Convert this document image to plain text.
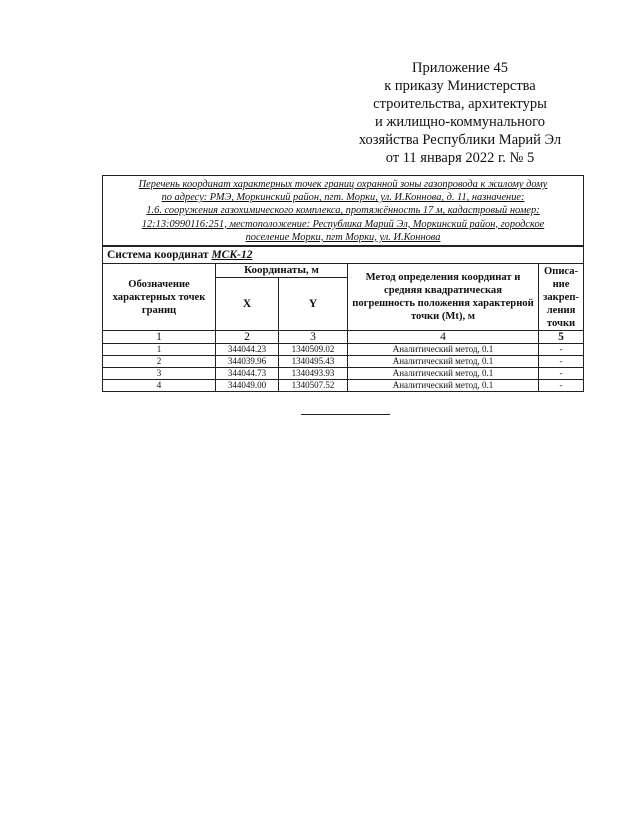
Приложение 45
к приказу Министерства
строительства, архитектуры
и жилищно-коммунального
хозяйства Республики Марий Эл
от 11 января 2022 г. № 5
Перечень координат характерных точек границ охранной зоны газопровода к жилому дому
по адресу: РМЭ, Моркинский район, пгт. Морки, ул. И.Коннова, д. 11, назначение:
1.6. сооружения газохимического комплекса, протяжённость 17 м, кадастровый номер:
12:13:0990116:251, местоположение: Республика Марий Эл, Моркинский район, городское
поселение Морки, пгт Морки, ул. И.Коннова				

Система координат МСК-12				
Обозначение характерных точек границ	Координаты, м		Метод определения координат и средняя квадратическая погрешность положения характерной точки (Mt), м	Описа-ние закреп-ления точки
	X	Y		
1	2	3	4	5
1	344044.23	1340509.02	Аналитический метод, 0.1	-
2	344039.96	1340495.43	Аналитический метод, 0.1	-
3	344044.73	1340493.93	Аналитический метод, 0.1	-
4	344049.00	1340507.52	Аналитический метод, 0.1	-
